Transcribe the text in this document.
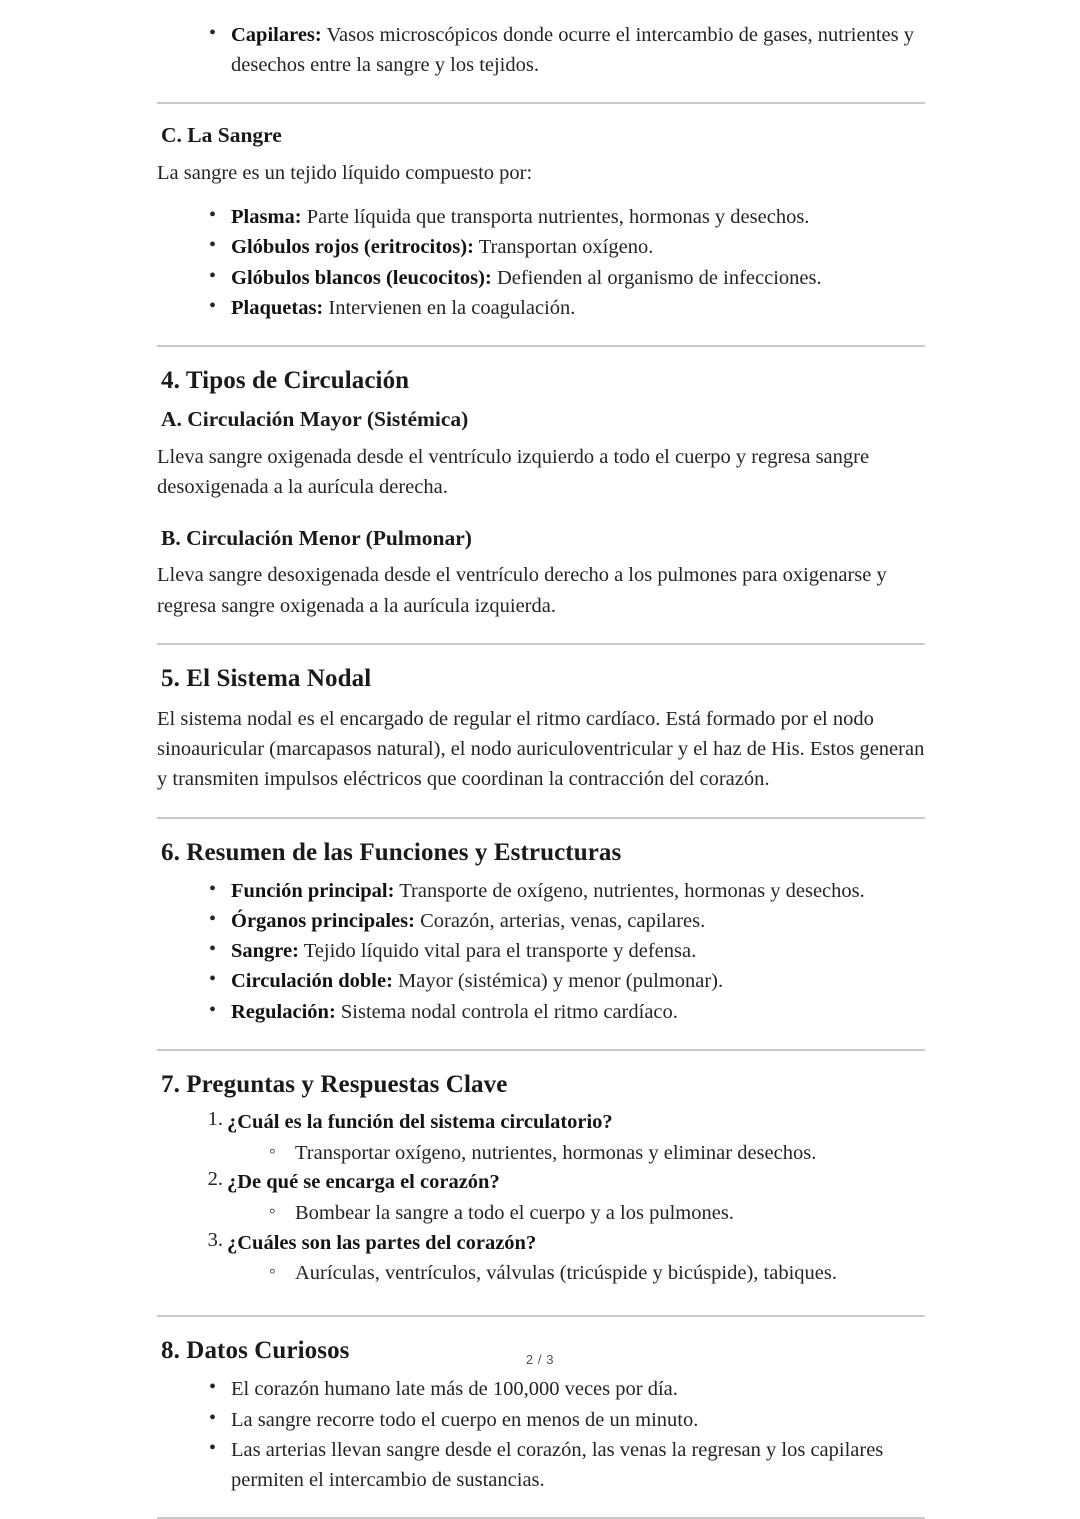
• Capilares: Vasos microscópicos donde ocurre el intercambio de gases, nutrientes y desechos entre la sangre y los tejidos.
C. La Sangre

La sangre es un tejido líquido compuesto por:

• Plasma: Parte líquida que transporta nutrientes, hormonas y desechos.
• Glóbulos rojos (eritrocitos): Transportan oxígeno.
• Glóbulos blancos (leucocitos): Defienden al organismo de infecciones.
• Plaquetas: Intervienen en la coagulación.
4. Tipos de Circulación
A. Circulación Mayor (Sistémica)

Lleva sangre oxigenada desde el ventrículo izquierdo a todo el cuerpo y regresa sangre desoxigenada a la aurícula derecha.

B. Circulación Menor (Pulmonar)

Lleva sangre desoxigenada desde el ventrículo derecho a los pulmones para oxigenarse y regresa sangre oxigenada a la aurícula izquierda.

5. El Sistema Nodal

El sistema nodal es el encargado de regular el ritmo cardíaco. Está formado por el nodo sinoauricular (marcapasos natural), el nodo auriculoventricular y el haz de His. Estos generan y transmiten impulsos eléctricos que coordinan la contracción del corazón.

6. Resumen de las Funciones y Estructuras
• Función principal: Transporte de oxígeno, nutrientes, hormonas y desechos.
• Órganos principales: Corazón, arterias, venas, capilares.
• Sangre: Tejido líquido vital para el transporte y defensa.
• Circulación doble: Mayor (sistémica) y menor (pulmonar).
• Regulación: Sistema nodal controla el ritmo cardíaco.
7. Preguntas y Respuestas Clave
¿Cuál es la función del sistema circulatorio?
◦ Transportar oxígeno, nutrientes, hormonas y eliminar desechos.
¿De qué se encarga el corazón?
◦ Bombear la sangre a todo el cuerpo y a los pulmones.
¿Cuáles son las partes del corazón?
◦ Aurículas, ventrículos, válvulas (tricúspide y bicúspide), tabiques.
8. Datos Curiosos
• El corazón humano late más de 100,000 veces por día.
• La sangre recorre todo el cuerpo en menos de un minuto.
• Las arterias llevan sangre desde el corazón, las venas la regresan y los capilares permiten el intercambio de sustancias.
2 / 3
